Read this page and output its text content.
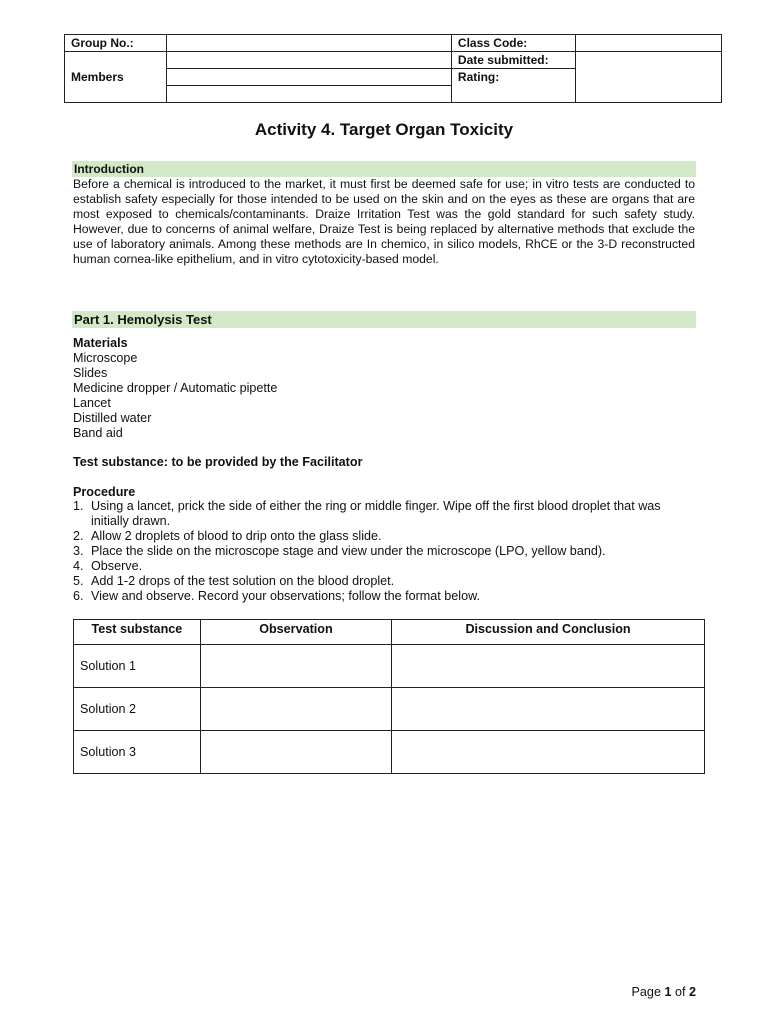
Group No.:		Class Code:	
Members		Date submitted:	
		Rating:	

Activity 4. Target Organ Toxicity
Introduction
Before a chemical is introduced to the market, it must first be deemed safe for use; in vitro tests are conducted to establish safety especially for those intended to be used on the skin and on the eyes as these are organs that are most exposed to chemicals/contaminants. Draize Irritation Test was the gold standard for such safety study. However, due to concerns of animal welfare, Draize Test is being replaced by alternative methods that exclude the use of laboratory animals. Among these methods are In chemico, in silico models, RhCE or the 3-D reconstructed human cornea-like epithelium, and in vitro cytotoxicity-based model.
Part 1. Hemolysis Test
Materials
Microscope
Slides
Medicine dropper / Automatic pipette
Lancet
Distilled water
Band aid
Test substance: to be provided by the Facilitator
Procedure
1. Using a lancet, prick the side of either the ring or middle finger. Wipe off the first blood droplet that was initially drawn.
2. Allow 2 droplets of blood to drip onto the glass slide.
3. Place the slide on the microscope stage and view under the microscope (LPO, yellow band).
4. Observe.
5. Add 1-2 drops of the test solution on the blood droplet.
6. View and observe. Record your observations; follow the format below.
Test substance	Observation	Discussion and Conclusion
Solution 1		
Solution 2		
Solution 3		
Page 1 of 2
